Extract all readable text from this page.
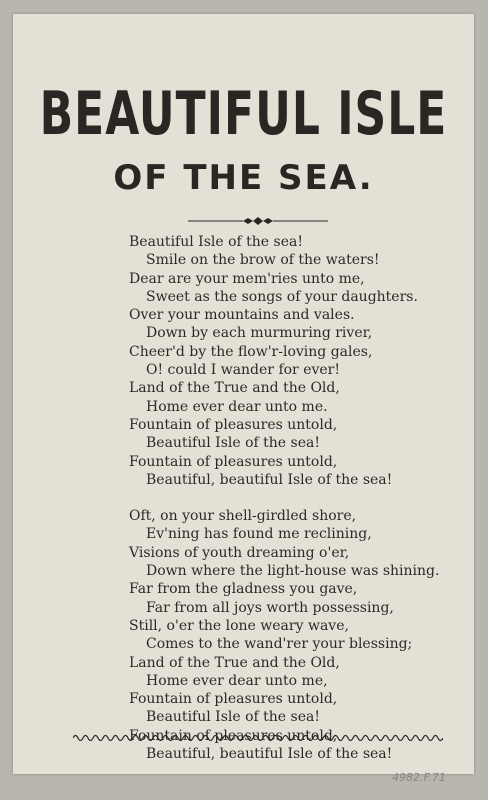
BEAUTIFUL ISLE
OF THE SEA.
Beautiful Isle of the sea!
Smile on the brow of the waters!
Dear are your mem'ries unto me,
Sweet as the songs of your daughters.
Over your mountains and vales.
Down by each murmuring river,
Cheer'd by the flow'r-loving gales,
O! could I wander for ever!
Land of the True and the Old,
Home ever dear unto me.
Fountain of pleasures untold,
Beautiful Isle of the sea!
Fountain of pleasures untold,
Beautiful, beautiful Isle of the sea!
Oft, on your shell-girdled shore,
Ev'ning has found me reclining,
Visions of youth dreaming o'er,
Down where the light-house was shining.
Far from the gladness you gave,
Far from all joys worth possessing,
Still, o'er the lone weary wave,
Comes to the wand'rer your blessing;
Land of the True and the Old,
Home ever dear unto me,
Fountain of pleasures untold,
Beautiful Isle of the sea!
Fountain of pleasures untold,
Beautiful, beautiful Isle of the sea!
4982.F.71
